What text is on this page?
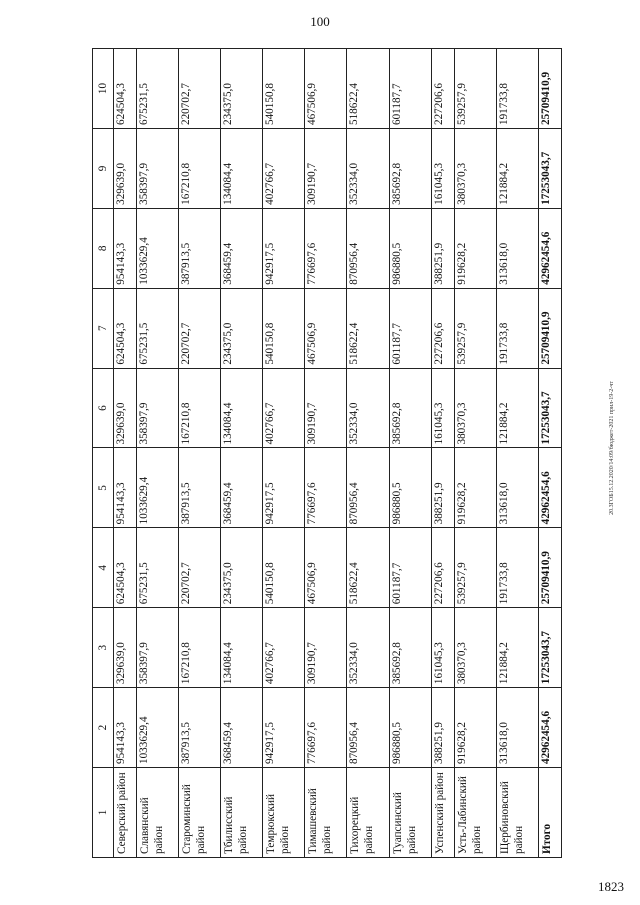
100
20.3ГОБ15.12.2020/14:09/бюджет-2021 прил-19-2-чт
1	2	3	4	5	6	7	8	9	10
Северский район	954143,3	329639,0	624504,3	954143,3	329639,0	624504,3	954143,3	329639,0	624504,3
Славянский район	1033629,4	358397,9	675231,5	1033629,4	358397,9	675231,5	1033629,4	358397,9	675231,5
Староминский район	387913,5	167210,8	220702,7	387913,5	167210,8	220702,7	387913,5	167210,8	220702,7
Тбилисский район	368459,4	134084,4	234375,0	368459,4	134084,4	234375,0	368459,4	134084,4	234375,0
Темрюкский район	942917,5	402766,7	540150,8	942917,5	402766,7	540150,8	942917,5	402766,7	540150,8
Тимашевский район	776697,6	309190,7	467506,9	776697,6	309190,7	467506,9	776697,6	309190,7	467506,9
Тихорецкий район	870956,4	352334,0	518622,4	870956,4	352334,0	518622,4	870956,4	352334,0	518622,4
Туапсинский район	986880,5	385692,8	601187,7	986880,5	385692,8	601187,7	986880,5	385692,8	601187,7
Успенский район	388251,9	161045,3	227206,6	388251,9	161045,3	227206,6	388251,9	161045,3	227206,6
Усть-Лабинский район	919628,2	380370,3	539257,9	919628,2	380370,3	539257,9	919628,2	380370,3	539257,9
Щербиновский район	313618,0	121884,2	191733,8	313618,0	121884,2	191733,8	313618,0	121884,2	191733,8
Итого	42962454,6	17253043,7	25709410,9	42962454,6	17253043,7	25709410,9	42962454,6	17253043,7	25709410,9
1823
